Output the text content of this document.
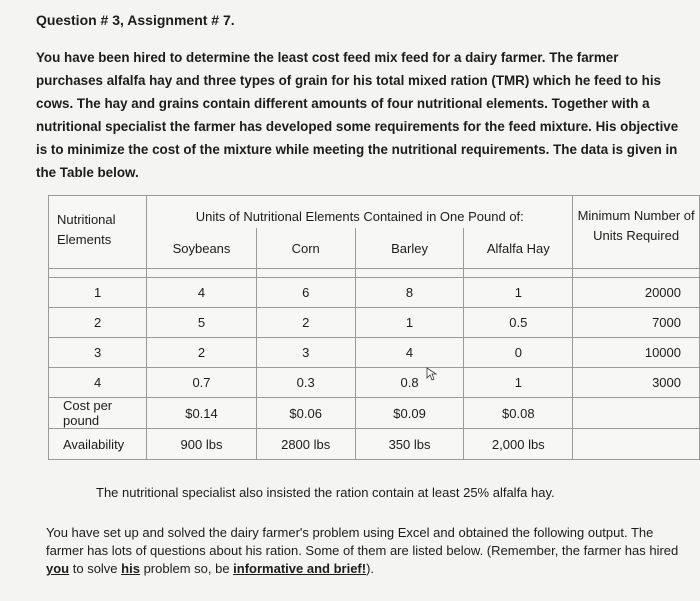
Question # 3, Assignment # 7.
You have been hired to determine the least cost feed mix feed for a dairy farmer. The farmer purchases alfalfa hay and three types of grain for his total mixed ration (TMR) which he feed to his cows. The hay and grains contain different amounts of four nutritional elements. Together with a nutritional specialist the farmer has developed some requirements for the feed mixture. His objective is to minimize the cost of the mixture while meeting the nutritional requirements. The data is given in the Table below.
Nutritional Elements	Units of Nutritional Elements Contained in One Pound of:				Minimum Number of Units Required
	Soybeans	Corn	Barley	Alfalfa Hay	

1	4	6	8	1	20000
2	5	2	1	0.5	7000
3	2	3	4	0	10000
4	0.7	0.3	0.8	1	3000
Cost per pound	$0.14	$0.06	$0.09	$0.08	
Availability	900 lbs	2800 lbs	350 lbs	2,000 lbs	
The nutritional specialist also insisted the ration contain at least 25% alfalfa hay.
You have set up and solved the dairy farmer's problem using Excel and obtained the following output. The farmer has lots of questions about his ration. Some of them are listed below. (Remember, the farmer has hired you to solve his problem so, be informative and brief!).
